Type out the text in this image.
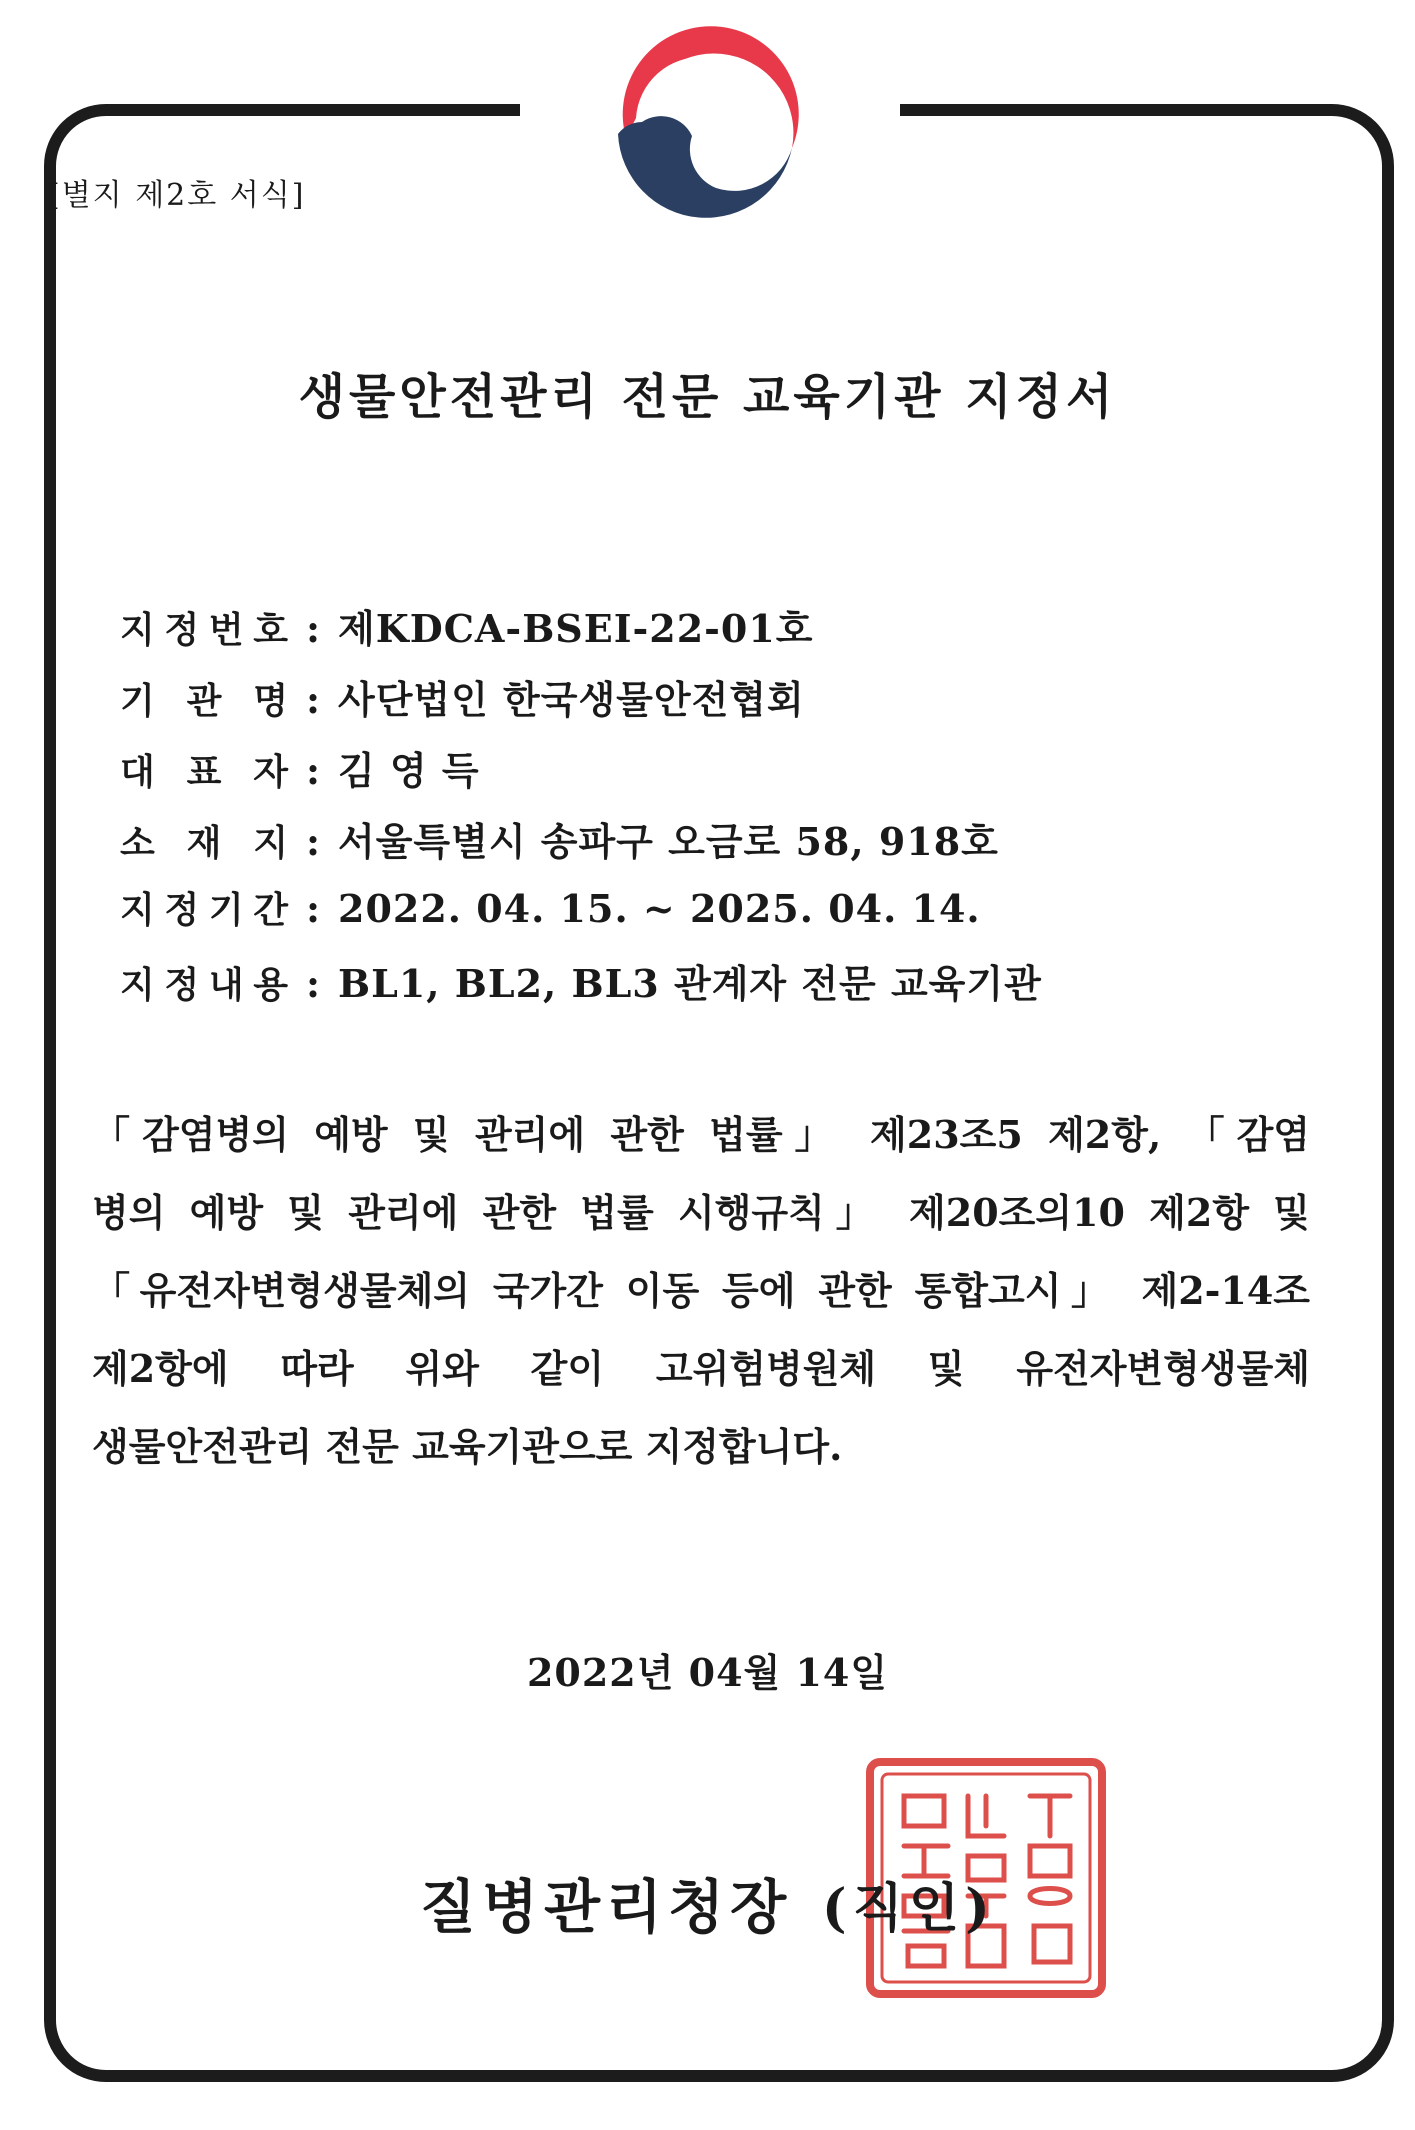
[별지 제2호 서식]
생물안전관리 전문 교육기관 지정서
지 정 번 호 : 제KDCA-BSEI-22-01호
기 관 명 : 사단법인 한국생물안전협회
대 표 자 : 김 영 득
소 재 지 : 서울특별시 송파구 오금로 58, 918호
지 정 기 간 : 2022. 04. 15. ~ 2025. 04. 14.
지 정 내 용 : BL1, BL2, BL3 관계자 전문 교육기관
「감염병의 예방 및 관리에 관한 법률」 제23조5 제2항, 「감염
병의 예방 및 관리에 관한 법률 시행규칙」 제20조의10 제2항 및
「유전자변형생물체의 국가간 이동 등에 관한 통합고시」 제2-14조
제2항에 따라 위와 같이 고위험병원체 및 유전자변형생물체
생물안전관리 전문 교육기관으로 지정합니다.
2022년 04월 14일
질병관리청장 (직인)
